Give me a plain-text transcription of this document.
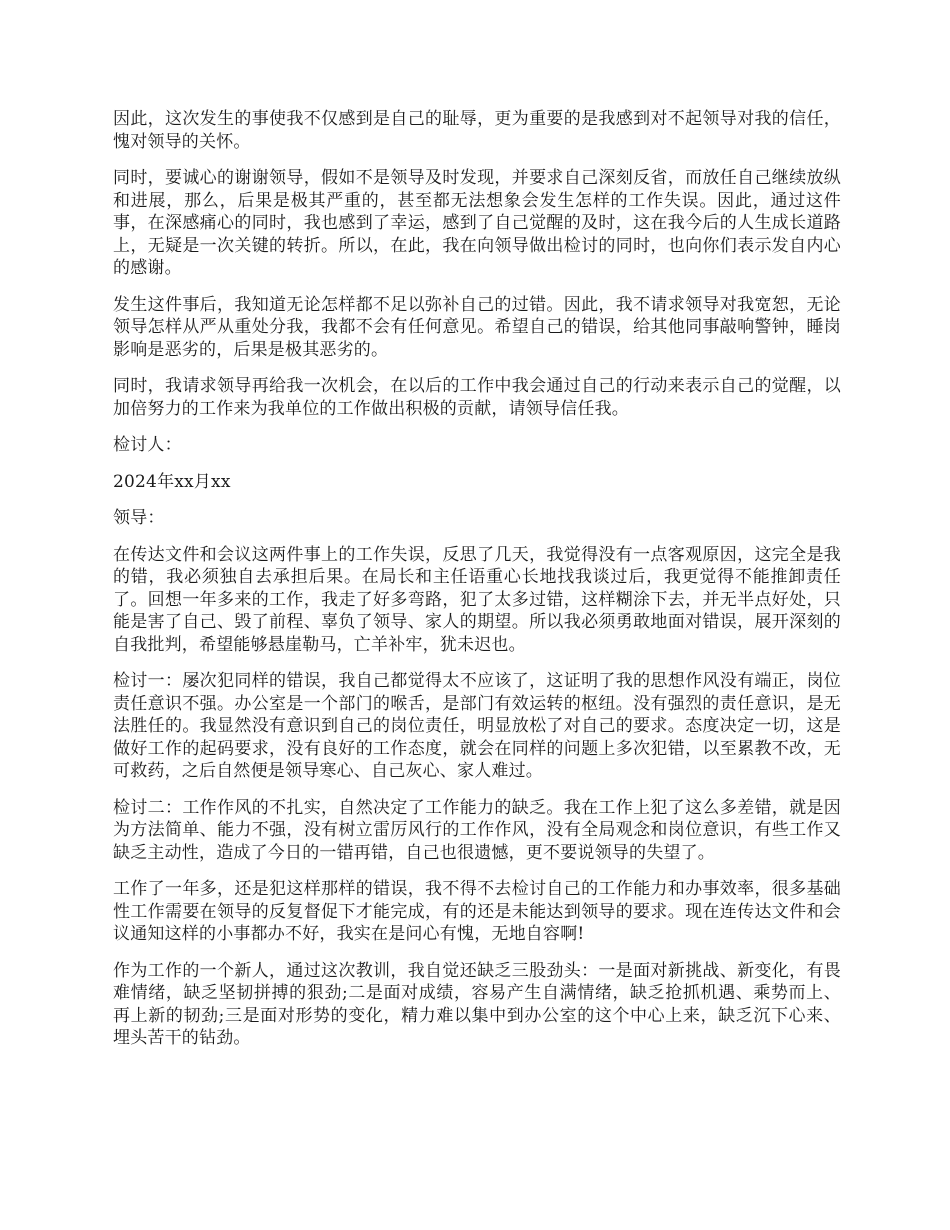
因此，这次发生的事使我不仅感到是自己的耻辱，更为重要的是我感到对不起领导对我的信任，愧对领导的关怀。

同时，要诚心的谢谢领导，假如不是领导及时发现，并要求自己深刻反省，而放任自己继续放纵和进展，那么，后果是极其严重的，甚至都无法想象会发生怎样的工作失误。因此，通过这件事，在深感痛心的同时，我也感到了幸运，感到了自己觉醒的及时，这在我今后的人生成长道路上，无疑是一次关键的转折。所以，在此，我在向领导做出检讨的同时，也向你们表示发自内心的感谢。

发生这件事后，我知道无论怎样都不足以弥补自己的过错。因此，我不请求领导对我宽恕，无论领导怎样从严从重处分我，我都不会有任何意见。希望自己的错误，给其他同事敲响警钟，睡岗影响是恶劣的，后果是极其恶劣的。

同时，我请求领导再给我一次机会，在以后的工作中我会通过自己的行动来表示自己的觉醒，以加倍努力的工作来为我单位的工作做出积极的贡献，请领导信任我。

检讨人：

2024年xx月xx

领导：

在传达文件和会议这两件事上的工作失误，反思了几天，我觉得没有一点客观原因，这完全是我的错，我必须独自去承担后果。在局长和主任语重心长地找我谈过后，我更觉得不能推卸责任了。回想一年多来的工作，我走了好多弯路，犯了太多过错，这样糊涂下去，并无半点好处，只能是害了自己、毁了前程、辜负了领导、家人的期望。所以我必须勇敢地面对错误，展开深刻的自我批判，希望能够悬崖勒马，亡羊补牢，犹未迟也。

检讨一：屡次犯同样的错误，我自己都觉得太不应该了，这证明了我的思想作风没有端正，岗位责任意识不强。办公室是一个部门的喉舌，是部门有效运转的枢纽。没有强烈的责任意识，是无法胜任的。我显然没有意识到自己的岗位责任，明显放松了对自己的要求。态度决定一切，这是做好工作的起码要求，没有良好的工作态度，就会在同样的问题上多次犯错，以至累教不改，无可救药，之后自然便是领导寒心、自己灰心、家人难过。

检讨二：工作作风的不扎实，自然决定了工作能力的缺乏。我在工作上犯了这么多差错，就是因为方法简单、能力不强，没有树立雷厉风行的工作作风，没有全局观念和岗位意识，有些工作又缺乏主动性，造成了今日的一错再错，自己也很遗憾，更不要说领导的失望了。

工作了一年多，还是犯这样那样的错误，我不得不去检讨自己的工作能力和办事效率，很多基础性工作需要在领导的反复督促下才能完成，有的还是未能达到领导的要求。现在连传达文件和会议通知这样的小事都办不好，我实在是问心有愧，无地自容啊!

作为工作的一个新人，通过这次教训，我自觉还缺乏三股劲头：一是面对新挑战、新变化，有畏难情绪，缺乏坚韧拼搏的狠劲;二是面对成绩，容易产生自满情绪，缺乏抢抓机遇、乘势而上、再上新的韧劲;三是面对形势的变化，精力难以集中到办公室的这个中心上来，缺乏沉下心来、埋头苦干的钻劲。
